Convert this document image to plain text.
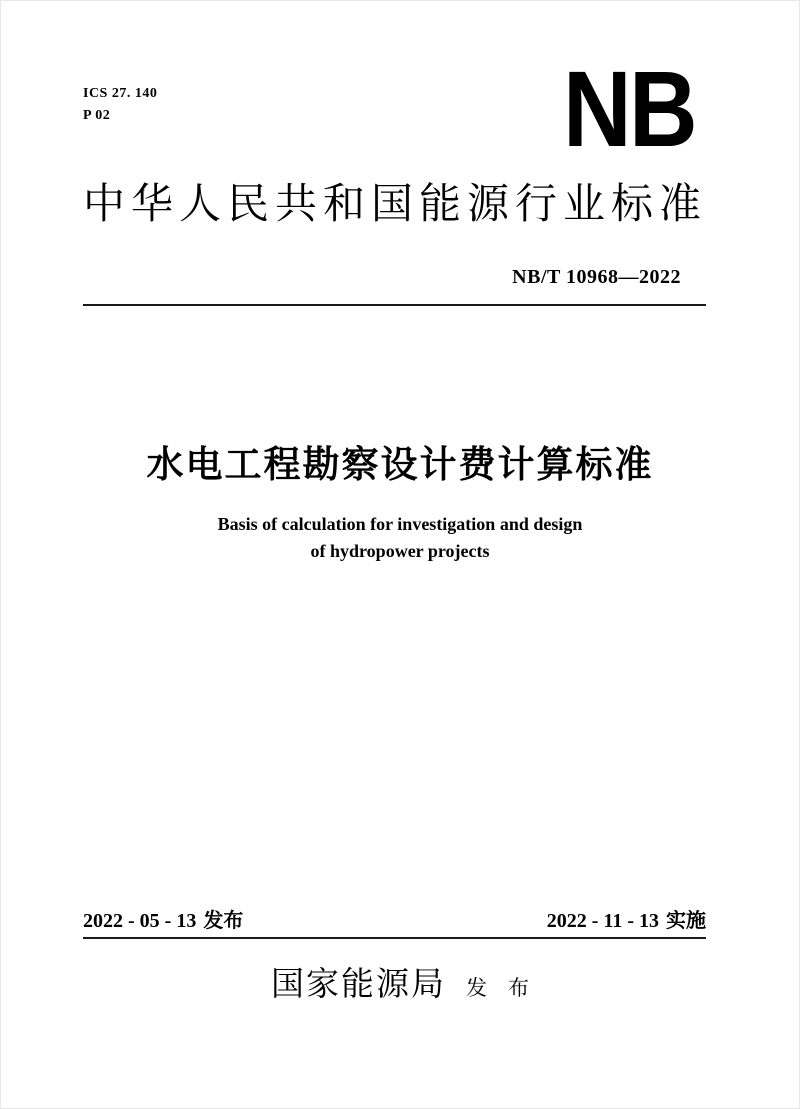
ICS 27. 140
P 02	NB
中华人民共和国能源行业标准
NB/T 10968—2022
水电工程勘察设计费计算标准
Basis of calculation for investigation and design
of hydropower projects
2022 - 05 - 13 发布	2022 - 11 - 13 实施
国家能源局 发　布
